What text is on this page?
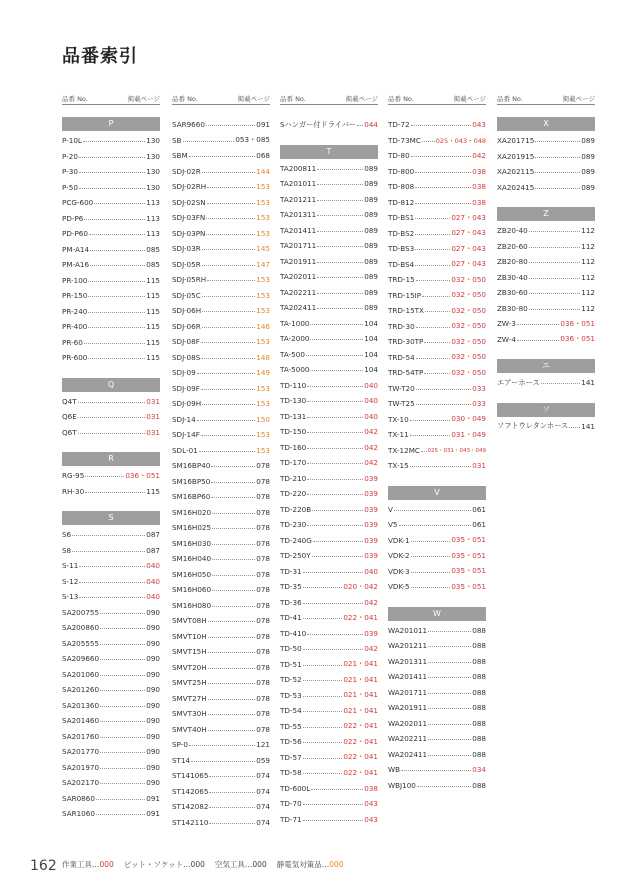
品番索引
品番 No.	掲載ページ
P
P-10L	130
P-20	130
P-30	130
P-50	130
PCG-600	113
PD-P6	113
PD-P60	113
PM-A14	085
PM-A16	085
PR-100	115
PR-150	115
PR-240	115
PR-400	115
PR-60	115
PR-600	115
Q
Q4T	031
Q6E	031
Q6T	031
R
RG-95	036・051
RH-30	115
S
S6	087
S8	087
S-11	040
S-12	040
S-13	040
SA200755	090
SA200860	090
SA205555	090
SA209660	090
SA201060	090
SA201260	090
SA201360	090
SA201460	090
SA201760	090
SA201770	090
SA201970	090
SA202170	090
SAR0860	091
SAR1060	091
品番 No.	掲載ページ
SAR9660	091
SB	053・085
SBM	068
SDJ-02R	144
SDJ-02RH	153
SDJ-02SN	153
SDJ-03FN	153
SDJ-03PN	153
SDJ-03R	145
SDJ-05R	147
SDJ-05RH	153
SDJ-05C	153
SDJ-06H	153
SDJ-06R	146
SDJ-08F	153
SDJ-08S	148
SDJ-09	149
SDJ-09F	153
SDJ-09H	153
SDJ-14	150
SDJ-14F	153
SDL-01	153
SM16BP40	078
SM16BP50	078
SM16BP60	078
SM16H020	078
SM16H025	078
SM16H030	078
SM16H040	078
SM16H050	078
SM16H060	078
SM16H080	078
SMVT08H	078
SMVT10H	078
SMVT15H	078
SMVT20H	078
SMVT25H	078
SMVT27H	078
SMVT30H	078
SMVT40H	078
SP-0	121
ST14	059
ST141065	074
ST142065	074
ST142082	074
ST142110	074
品番 No.	掲載ページ
Sハンガー付ドライバー 044
T
TA200811	089
TA201011	089
TA201211	089
TA201311	089
TA201411	089
TA201711	089
TA201911	089
TA202011	089
TA202211	089
TA202411	089
TA-1000	104
TA-2000	104
TA-500	104
TA-5000	104
TD-110	040
TD-130	040
TD-131	040
TD-150	042
TD-160	042
TD-170	042
TD-210	039
TD-220	039
TD-220B	039
TD-230	039
TD-240G	039
TD-250Y	039
TD-31	040
TD-35	020・042
TD-36	042
TD-41	022・041
TD-410	039
TD-50	042
TD-51	021・041
TD-52	021・041
TD-53	021・041
TD-54	021・041
TD-55	022・041
TD-56	022・041
TD-57	022・041
TD-58	022・041
TD-600L	038
TD-70	043
TD-71	043
品番 No.	掲載ページ
TD-72	043
TD-73MC 025・043・048
TD-80	042
TD-800	038
TD-808	038
TD-812	038
TD-BS1	027・043
TD-BS2	027・043
TD-BS3	027・043
TD-BS4	027・043
TRD-15	032・050
TRD-15IP	032・050
TRD-15TX	032・050
TRD-30	032・050
TRD-30TP	032・050
TRD-54	032・050
TRD-54TP	032・050
TW-T20	033
TW-T25	033
TX-10	030・049
TX-11	031・049
TX-12MC 025・031・043・049
TX-15	031
V
V	061
V5	061
VDK-1	035・051
VDK-2	035・051
VDK-3	035・051
VDK-5	035・051
W
WA201011	088
WA201211	088
WA201311	088
WA201411	088
WA201711	088
WA201911	088
WA202011	088
WA202211	088
WA202411	088
WB	034
WBJ100	088
品番 No.	掲載ページ
X
XA201715	089
XA201915	089
XA202115	089
XA202415	089
Z
ZB20-40	112
ZB20-60	112
ZB20-80	112
ZB30-40	112
ZB30-60	112
ZB30-80	112
ZW-3	036・051
ZW-4	036・051
エ
エアーホース	141
ソ
ソフトウレタンホース 141
162 作業工具…000 ビット・ソケット…000 空気工具…000 静電気対策品…000
